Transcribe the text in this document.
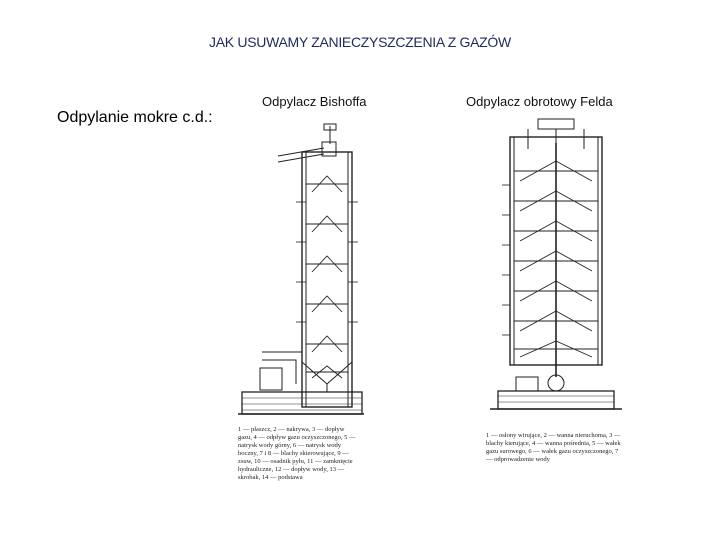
JAK USUWAMY ZANIECZYSZCZENIA Z GAZÓW
Odpylanie mokre c.d.:
Odpylacz Bishoffa	Odpylacz obrotowy Felda
1 — płaszcz, 2 — nakrywa, 3 — dopływ gazu, 4 — odpływ gazu oczyszczonego, 5 — natrysk wody górny, 6 — natrysk wody boczny, 7 i 8 — blachy skierowujące, 9 — zsuw, 10 — osadnik pyłu, 11 — zamknięcie hydrauliczne, 12 — dopływ wody, 13 — skrobak, 14 — podstawa
1 — osłony wirujące, 2 — wanna nieruchoma, 3 — blachy kierujące, 4 — wanna pośrednia, 5 — wałek gazu surowego, 6 — wałek gazu oczyszczonego, 7 — odprowadzenie wody
